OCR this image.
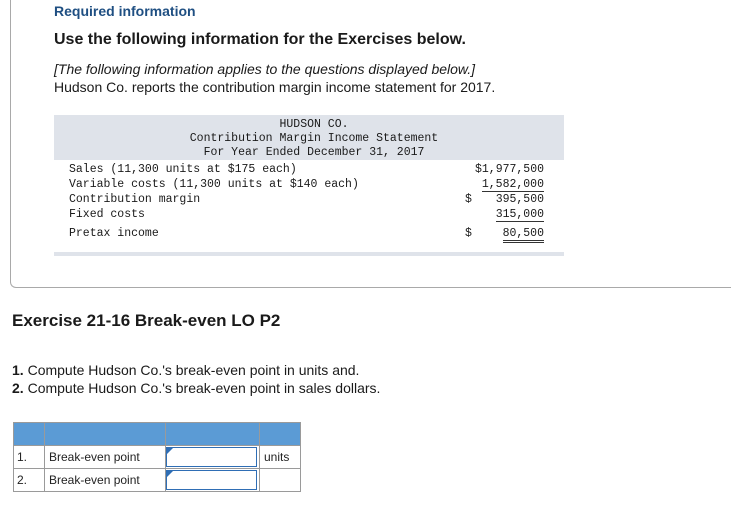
Required information
Use the following information for the Exercises below.
[The following information applies to the questions displayed below.]
Hudson Co. reports the contribution margin income statement for 2017.
HUDSON CO.
Contribution Margin Income Statement
For Year Ended December 31, 2017
Sales (11,300 units at $175 each)	$1,977,500
Variable costs (11,300 units at $140 each)	1,582,000
Contribution margin	$ 395,500
Fixed costs	315,000
Pretax income	$	80,500
Exercise 21-16 Break-even LO P2
1. Compute Hudson Co.'s break-even point in units and.
2. Compute Hudson Co.'s break-even point in sales dollars.

1.	Break-even point		units

2.	Break-even point
